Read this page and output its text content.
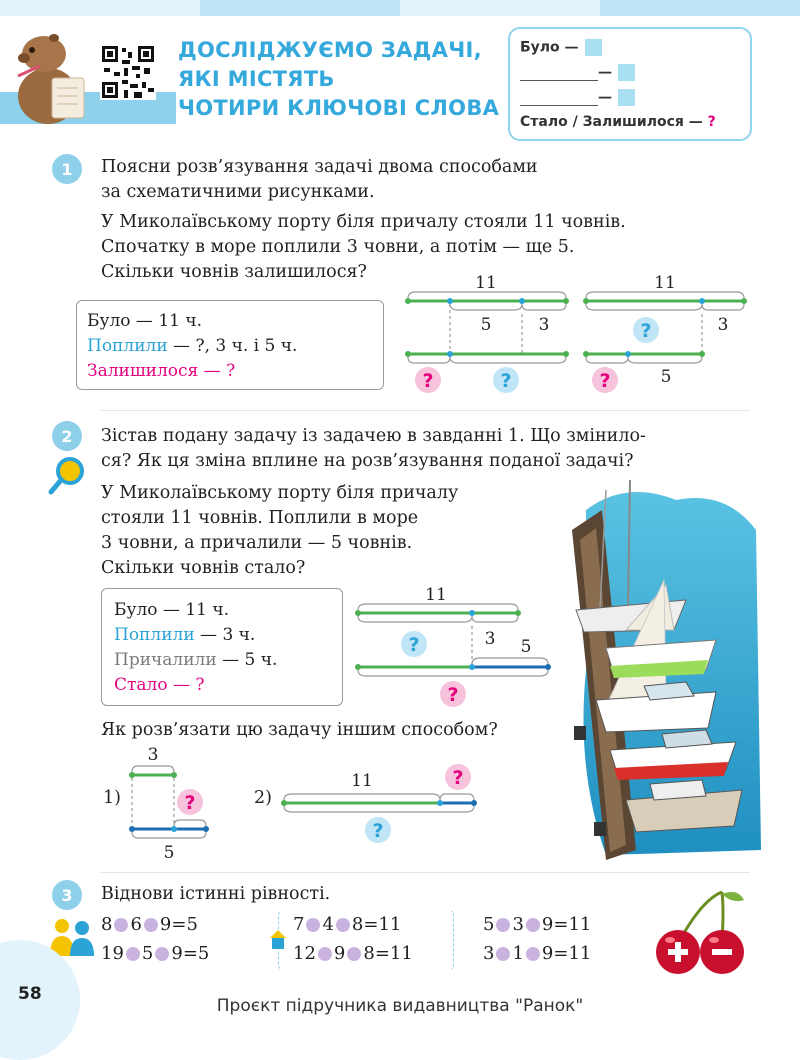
ДОСЛІДЖУЄМО ЗАДАЧІ,
ЯКІ МІСТЯТЬ
ЧОТИРИ КЛЮЧОВІ СЛОВА
Було —
—
—
Стало / Залишилося — ?
1	Поясни розв’язування задачі двома способами
за схематичними рисунками.
У Миколаївському порту біля причалу стояли 11 човнів.
Спочатку в море поплили 3 човни, а потім — ще 5.
Скільки човнів залишилося?
Було — 11 ч.
Поплили — ?, 3 ч. і 5 ч.
Залишилося — ?
11
5	3
?	?
11
?	3
?	5
2	Зістав подану задачу із задачею в завданні 1. Що змінило-
ся? Як ця зміна вплине на розв’язування поданої задачі?
У Миколаївському порту біля причалу
стояли 11 човнів. Поплили в море
3 човни, а причалили — 5 човнів.
Скільки човнів стало?
Було — 11 ч.
Поплили — 3 ч.
Причалили — 5 ч.
Стало — ?
11
?	3 5
?
Як розв’язати цю задачу іншим способом?
1)
3
?
5
2)
11	?
?
3	Віднови істинні рівності.
8 6 9=5
19 5 9=5
7 4 8=11
12 9 8=11
5 3 9=11
3 1 9=11
58
Проєкт підручника видавництва "Ранок"
